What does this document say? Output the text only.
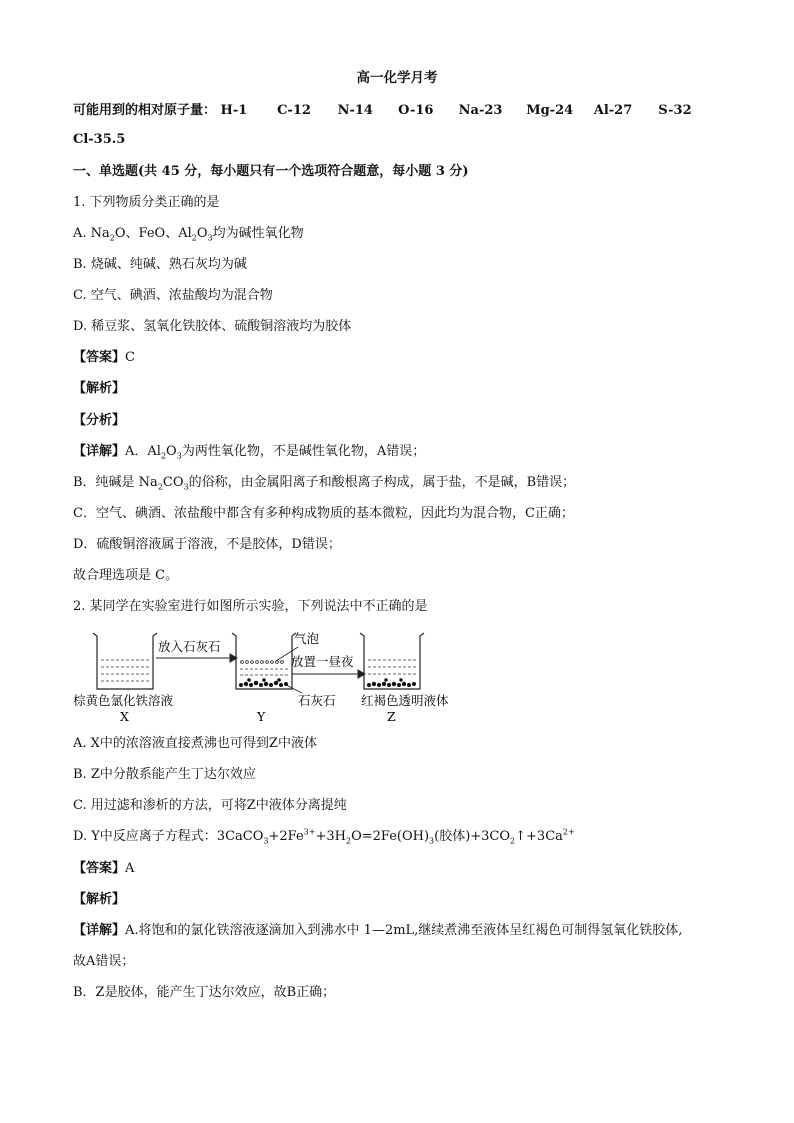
高一化学月考
可能用到的相对原子量： H-1 C-12 N-14 O-16 Na-23 Mg-24 Al-27 S-32
Cl-35.5
一、单选题(共 45 分，每小题只有一个选项符合题意，每小题 3 分)
1. 下列物质分类正确的是
A. $Na_2O$、FeO、$Al_2O_3$均为碱性氧化物
B. 烧碱、纯碱、熟石灰均为碱
C. 空气、碘酒、浓盐酸均为混合物
D. 稀豆浆、氢氧化铁胶体、硫酸铜溶液均为胶体
【答案】C
【解析】
【分析】
【详解】A．$Al_2O_3$为两性氧化物，不是碱性氧化物，A错误；
B．纯碱是 $Na_2CO_3$的俗称，由金属阳离子和酸根离子构成，属于盐，不是碱，B错误；
C．空气、碘酒、浓盐酸中都含有多种构成物质的基本微粒，因此均为混合物，C正确；
D．硫酸铜溶液属于溶液，不是胶体，D错误；
故合理选项是 C。
2. 某同学在实验室进行如图所示实验，下列说法中不正确的是
放入石灰石
气泡
放置一昼夜
石灰石
棕黄色氯化铁溶液
X	Y
红褐色透明液体
Z
A. X中的浓溶液直接煮沸也可得到Z中液体
B. Z中分散系能产生丁达尔效应
C. 用过滤和渗析的方法，可将Z中液体分离提纯
D. Y中反应离子方程式：$3CaCO_3+2Fe^{3+}+3H_2O=2Fe(OH)_3$(胶体)$+3CO_2↑+3Ca^{2+}$
【答案】A
【解析】
【详解】A.将饱和的氯化铁溶液逐滴加入到沸水中 1—2mL,继续煮沸至液体呈红褐色可制得氢氧化铁胶体,
故A错误；
B．Z是胶体，能产生丁达尔效应，故B正确；
